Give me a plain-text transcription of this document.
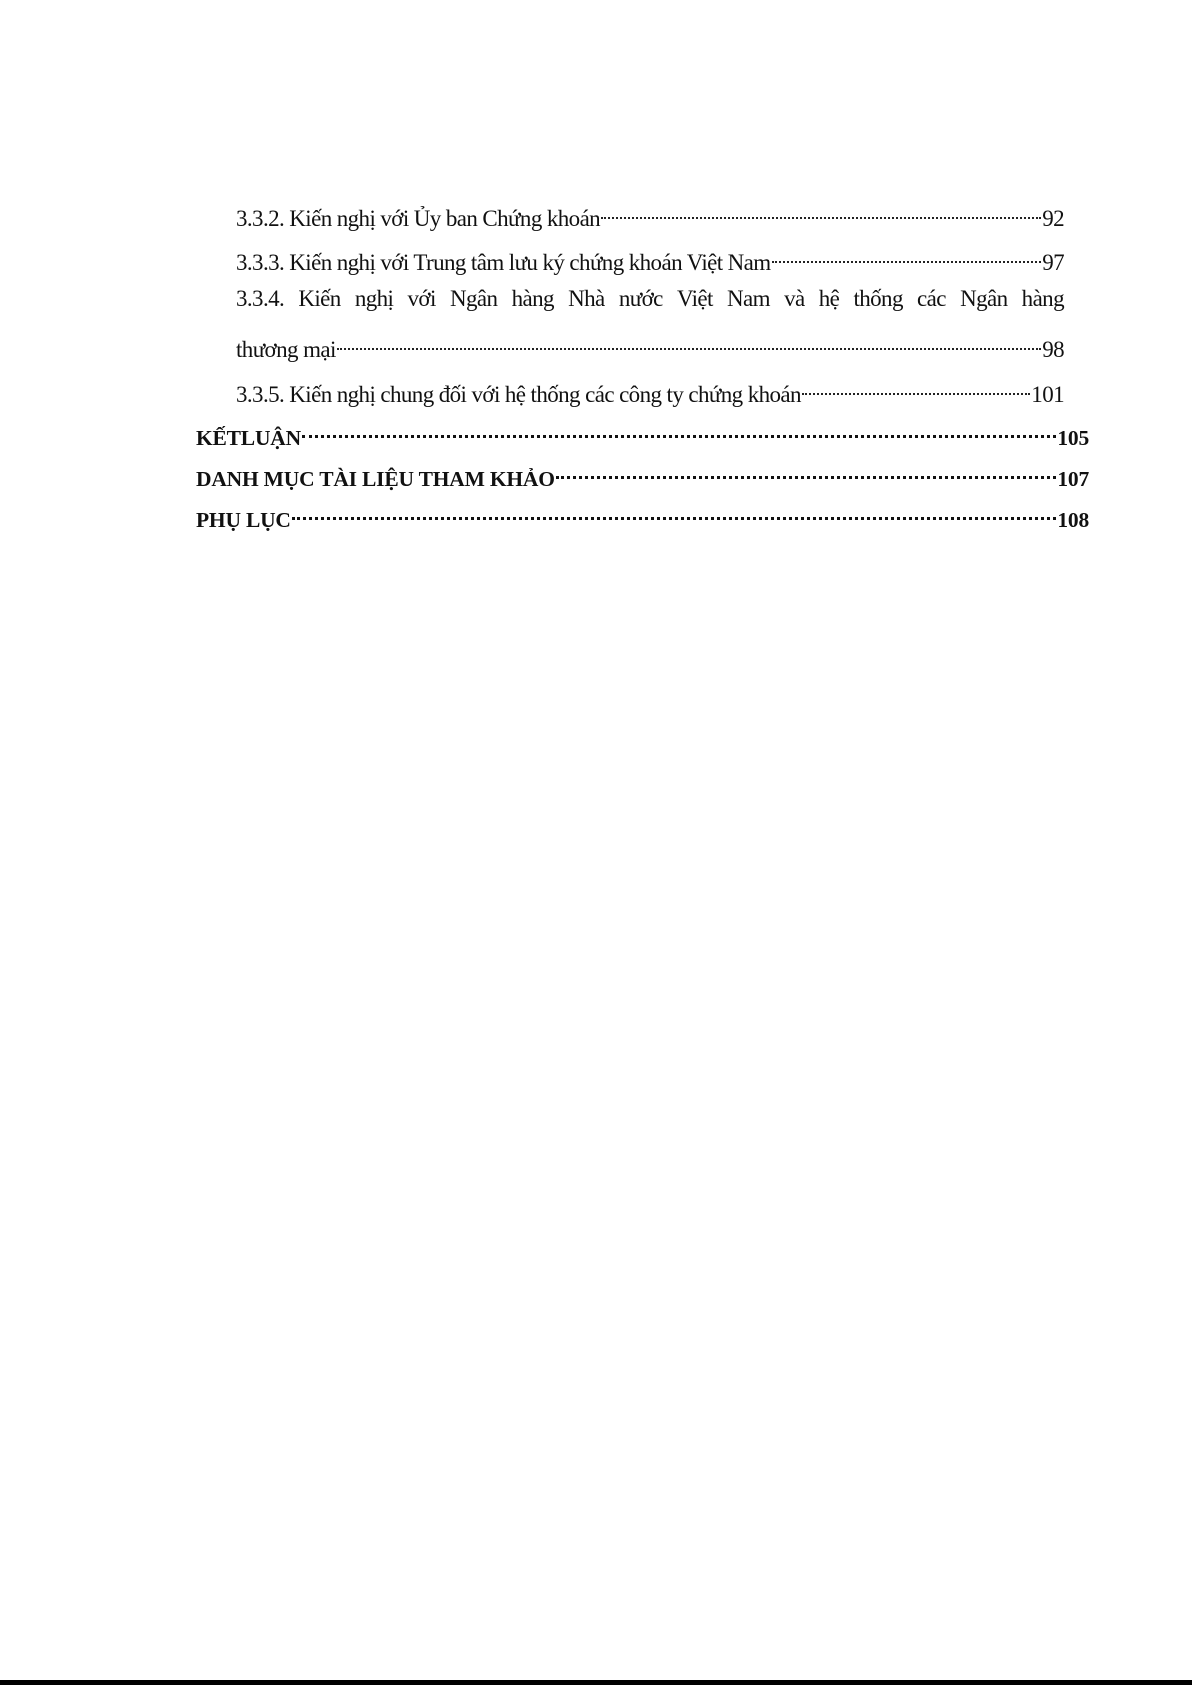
3.3.2. Kiến nghị với Ủy ban Chứng khoán	92
3.3.3. Kiến nghị với Trung tâm lưu ký chứng khoán Việt Nam	97
3.3.4. Kiến nghị với Ngân hàng Nhà nước Việt Nam và hệ thống các Ngân hàng
thương mại	98
3.3.5. Kiến nghị chung đối với hệ thống các công ty chứng khoán	101
KẾTLUẬN	105
DANH MỤC TÀI LIỆU THAM KHẢO	107
PHỤ LỤC	108
